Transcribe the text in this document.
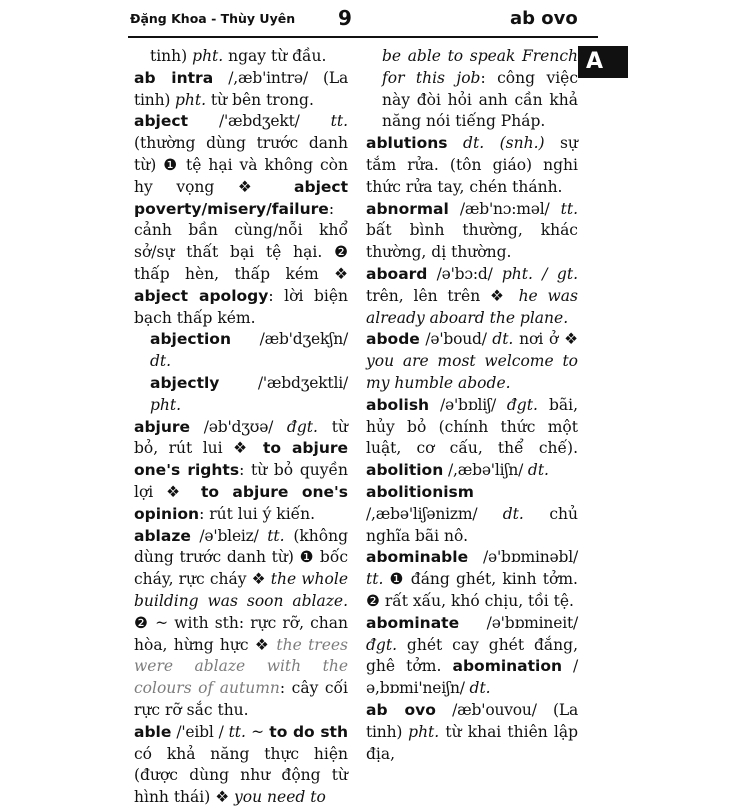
Đặng Khoa - Thùy Uyên 9	ab ovo
A

tinh) pht. ngay từ đầu.

ab intra /,æb'intrə/ (La tinh) pht. từ bên trong.

abject /'æbdʒekt/ tt. (thường dùng trước danh từ) ❶ tệ hại và không còn hy vọng ❖ abject poverty/misery/failure: cảnh bần cùng/nỗi khổ sở/sự thất bại tệ hại. ❷ thấp hèn, thấp kém ❖ abject apology: lời biện bạch thấp kém.

abjection /æb'dʒekʃn/ dt.

abjectly /'æbdʒektli/ pht.

abjure /əb'dʒʊə/ đgt. từ bỏ, rút lui ❖ to abjure one's rights: từ bỏ quyền lợi ❖ to abjure one's opinion: rút lui ý kiến.

ablaze /ə'bleiz/ tt. (không dùng trước danh từ) ❶ bốc cháy, rực cháy ❖ the whole building was soon ablaze. ❷ ~ with sth: rực rỡ, chan hòa, hừng hực ❖ the trees were ablaze with the colours of autumn: cây cối rực rỡ sắc thu.

able /'eibl / tt. ~ to do sth có khả năng thực hiện (được dùng như động từ hình thái) ❖ you need to

be able to speak French for this job: công việc này đòi hỏi anh cần khả năng nói tiếng Pháp.

ablutions dt. (snh.) sự tắm rửa. (tôn giáo) nghi thức rửa tay, chén thánh.

abnormal /æb'nɔ:məl/ tt. bất bình thường, khác thường, dị thường.

aboard /ə'bɔ:d/ pht. / gt. trên, lên trên ❖ he was already aboard the plane.

abode /ə'boud/ dt. nơi ở ❖ you are most welcome to my humble abode.

abolish /ə'bɒliʃ/ đgt. bãi, hủy bỏ (chính thức một luật, cơ cấu, thể chế). abolition /,æbə'liʃn/ dt.

abolitionism /,æbə'liʃənizm/ dt. chủ nghĩa bãi nô.

abominable /ə'bɒminəbl/ tt. ❶ đáng ghét, kinh tởm. ❷ rất xấu, khó chịu, tồi tệ.

abominate /ə'bɒmineit/ đgt. ghét cay ghét đắng, ghê tởm. abomination /ə,bɒmi'neiʃn/ dt.

ab ovo /æb'ouvou/ (La tinh) pht. từ khai thiên lập địa,
